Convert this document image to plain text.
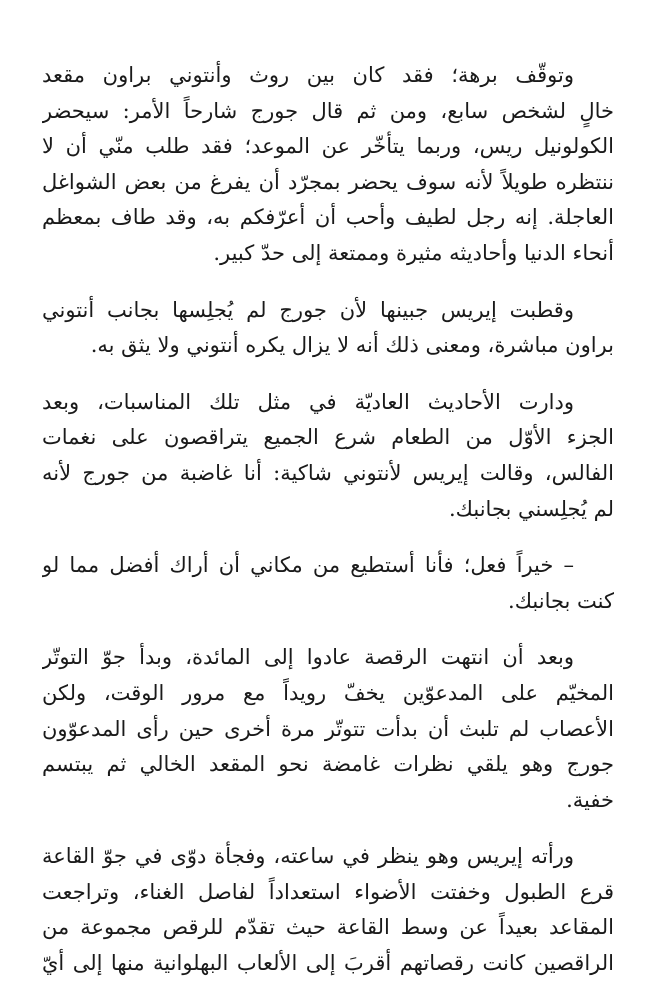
وتوقّف برهة؛ فقد كان بين روث وأنتوني براون مقعد
خالٍ لشخص سابع، ومن ثم قال جورج شارحاً الأمر: سيحضر
الكولونيل ريس، وربما يتأخّر عن الموعد؛ فقد طلب منّي أن لا
ننتظره طويلاً لأنه سوف يحضر بمجرّد أن يفرغ من بعض الشواغل
العاجلة. إنه رجل لطيف وأحب أن أعرّفكم به، وقد طاف بمعظم
أنحاء الدنيا وأحاديثه مثيرة وممتعة إلى حدّ كبير.
وقطبت إيريس جبينها لأن جورج لم يُجلِسها بجانب أنتوني
براون مباشرة، ومعنى ذلك أنه لا يزال يكره أنتوني ولا يثق به.
ودارت الأحاديث العاديّة في مثل تلك المناسبات، وبعد
الجزء الأوّل من الطعام شرع الجميع يتراقصون على نغمات
الفالس، وقالت إيريس لأنتوني شاكية: أنا غاضبة من جورج لأنه
لم يُجلِسني بجانبك.
– خيراً فعل؛ فأنا أستطيع من مكاني أن أراك أفضل مما لو
كنت بجانبك.
وبعد أن انتهت الرقصة عادوا إلى المائدة، وبدأ جوّ التوتّر
المخيّم على المدعوّين يخفّ رويداً مع مرور الوقت، ولكن
الأعصاب لم تلبث أن بدأت تتوتّر مرة أخرى حين رأى المدعوّون
جورج وهو يلقي نظرات غامضة نحو المقعد الخالي ثم يبتسم
خفية.
ورأته إيريس وهو ينظر في ساعته، وفجأة دوّى في جوّ القاعة
قرع الطبول وخفتت الأضواء استعداداً لفاصل الغناء، وتراجعت
المقاعد بعيداً عن وسط القاعة حيث تقدّم للرقص مجموعة من
الراقصين كانت رقصاتهم أقربَ إلى الألعاب البهلوانية منها إلى أيّ
